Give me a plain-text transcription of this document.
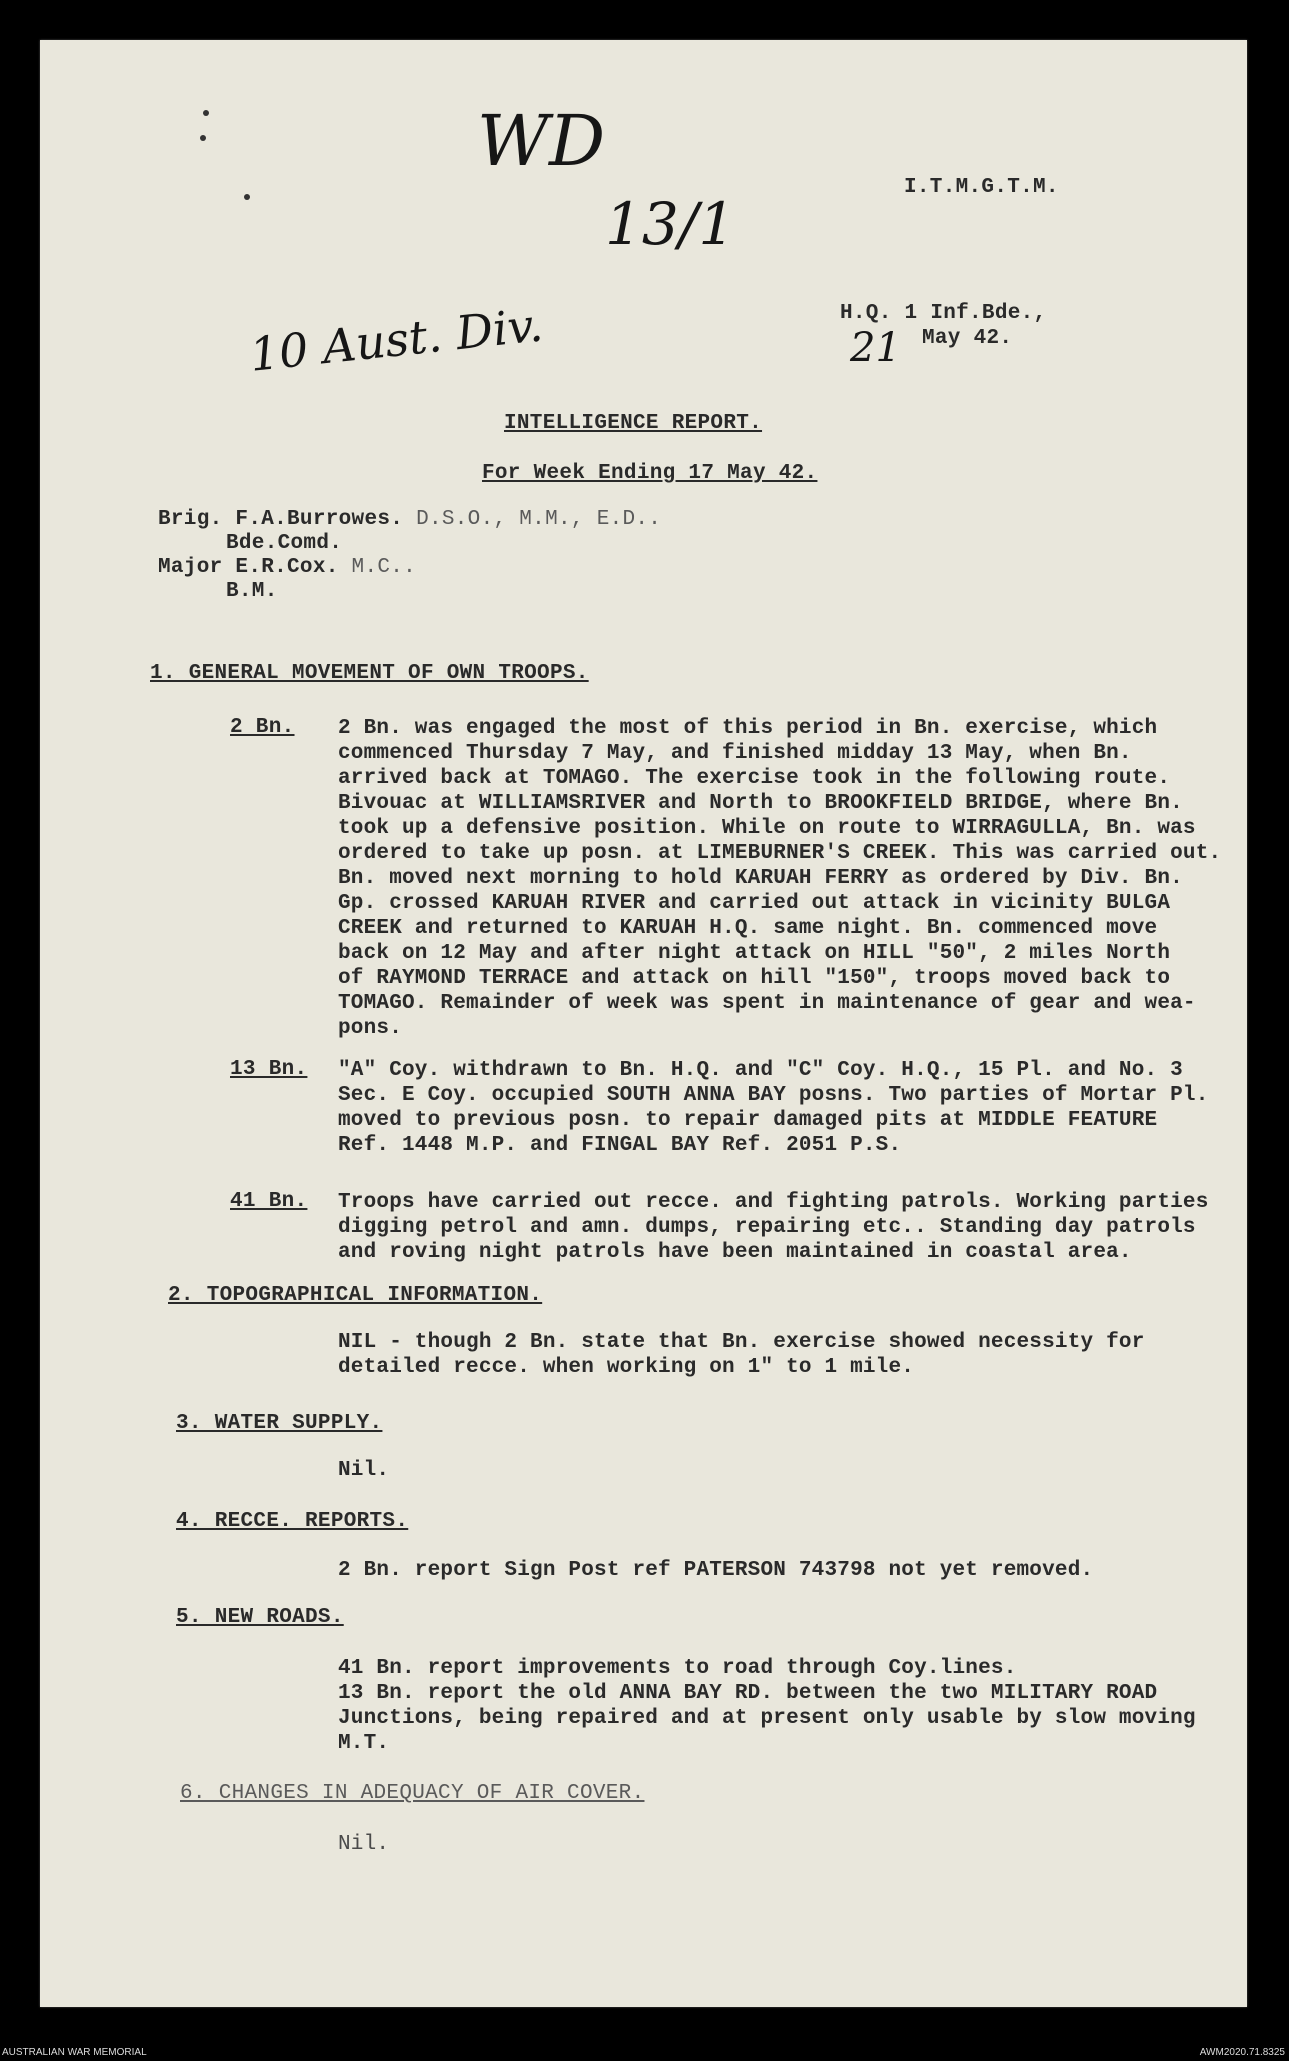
WD
13/1
10 Aust. Div.	21
I.T.M.G.T.M.
H.Q. 1 Inf.Bde.,
May 42.
INTELLIGENCE REPORT.
For Week Ending 17 May 42.
Brig. F.A.Burrowes. D.S.O., M.M., E.D..
Bde.Comd.
Major E.R.Cox. M.C..
B.M.
1. GENERAL MOVEMENT OF OWN TROOPS.
2 Bn. 2 Bn. was engaged the most of this period in Bn. exercise, which
commenced Thursday 7 May, and finished midday 13 May, when Bn.
arrived back at TOMAGO. The exercise took in the following route.
Bivouac at WILLIAMSRIVER and North to BROOKFIELD BRIDGE, where Bn.
took up a defensive position. While on route to WIRRAGULLA, Bn. was
ordered to take up posn. at LIMEBURNER'S CREEK. This was carried out.
Bn. moved next morning to hold KARUAH FERRY as ordered by Div. Bn.
Gp. crossed KARUAH RIVER and carried out attack in vicinity BULGA
CREEK and returned to KARUAH H.Q. same night. Bn. commenced move
back on 12 May and after night attack on HILL "50", 2 miles North
of RAYMOND TERRACE and attack on hill "150", troops moved back to
TOMAGO. Remainder of week was spent in maintenance of gear and wea-
pons.
13 Bn. "A" Coy. withdrawn to Bn. H.Q. and "C" Coy. H.Q., 15 Pl. and No. 3
Sec. E Coy. occupied SOUTH ANNA BAY posns. Two parties of Mortar Pl.
moved to previous posn. to repair damaged pits at MIDDLE FEATURE
Ref. 1448 M.P. and FINGAL BAY Ref. 2051 P.S.
41 Bn. Troops have carried out recce. and fighting patrols. Working parties
digging petrol and amn. dumps, repairing etc.. Standing day patrols
and roving night patrols have been maintained in coastal area.
2. TOPOGRAPHICAL INFORMATION.
NIL - though 2 Bn. state that Bn. exercise showed necessity for
detailed recce. when working on 1" to 1 mile.
3. WATER SUPPLY.
Nil.
4. RECCE. REPORTS.
2 Bn. report Sign Post ref PATERSON 743798 not yet removed.
5. NEW ROADS.
41 Bn. report improvements to road through Coy.lines.
13 Bn. report the old ANNA BAY RD. between the two MILITARY ROAD
Junctions, being repaired and at present only usable by slow moving
M.T.
6. CHANGES IN ADEQUACY OF AIR COVER.
Nil.
AUSTRALIAN WAR MEMORIAL	AWM2020.71.8325
